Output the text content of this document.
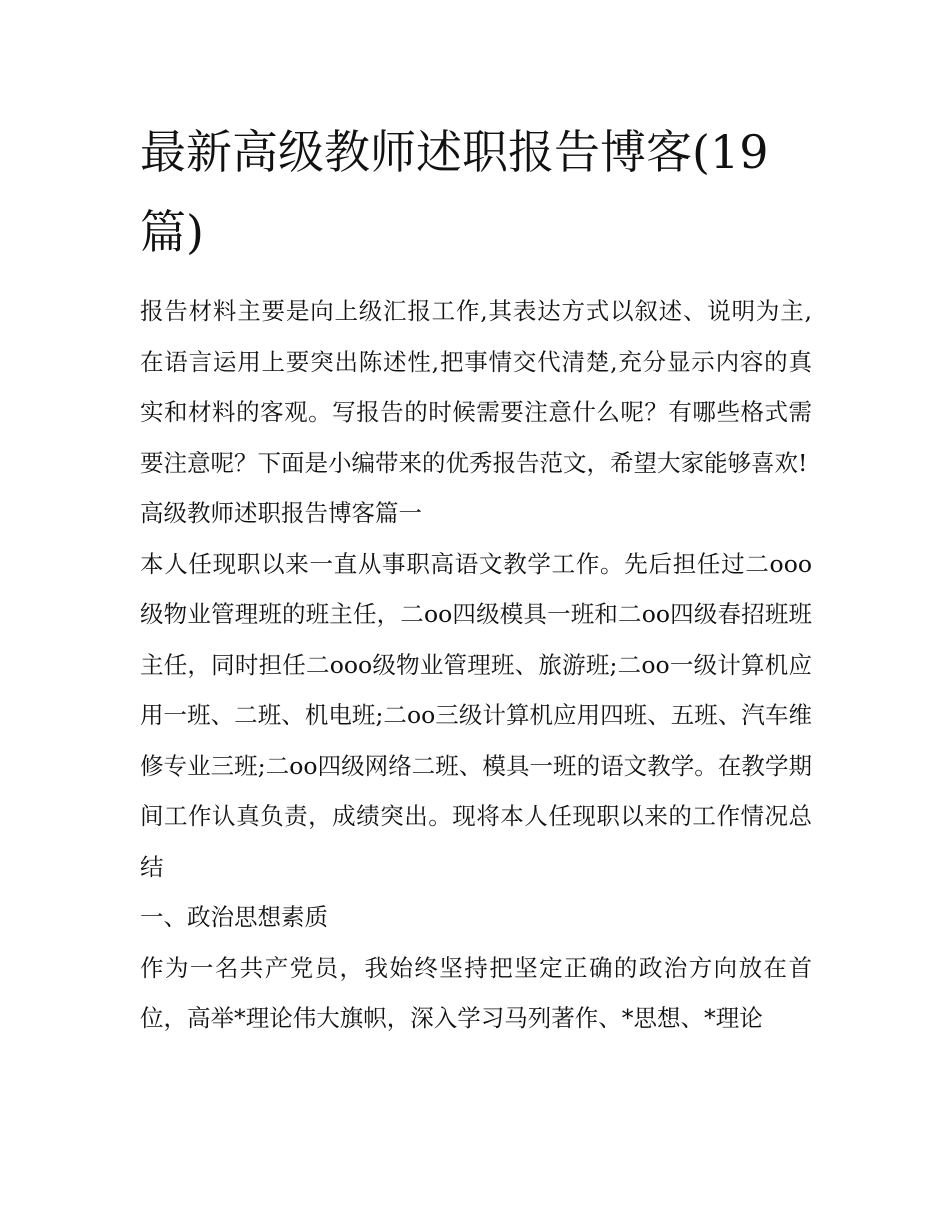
最新高级教师述职报告博客(19篇)

报告材料主要是向上级汇报工作,其表达方式以叙述、说明为主,在语言运用上要突出陈述性,把事情交代清楚,充分显示内容的真实和材料的客观。写报告的时候需要注意什么呢？有哪些格式需要注意呢？下面是小编带来的优秀报告范文，希望大家能够喜欢!

高级教师述职报告博客篇一

本人任现职以来一直从事职高语文教学工作。先后担任过二ooo级物业管理班的班主任，二oo四级模具一班和二oo四级春招班班主任，同时担任二ooo级物业管理班、旅游班;二oo一级计算机应用一班、二班、机电班;二oo三级计算机应用四班、五班、汽车维修专业三班;二oo四级网络二班、模具一班的语文教学。在教学期间工作认真负责，成绩突出。现将本人任现职以来的工作情况总结

一、政治思想素质

作为一名共产党员，我始终坚持把坚定正确的政治方向放在首位，高举*理论伟大旗帜，深入学习马列著作、*思想、*理论
